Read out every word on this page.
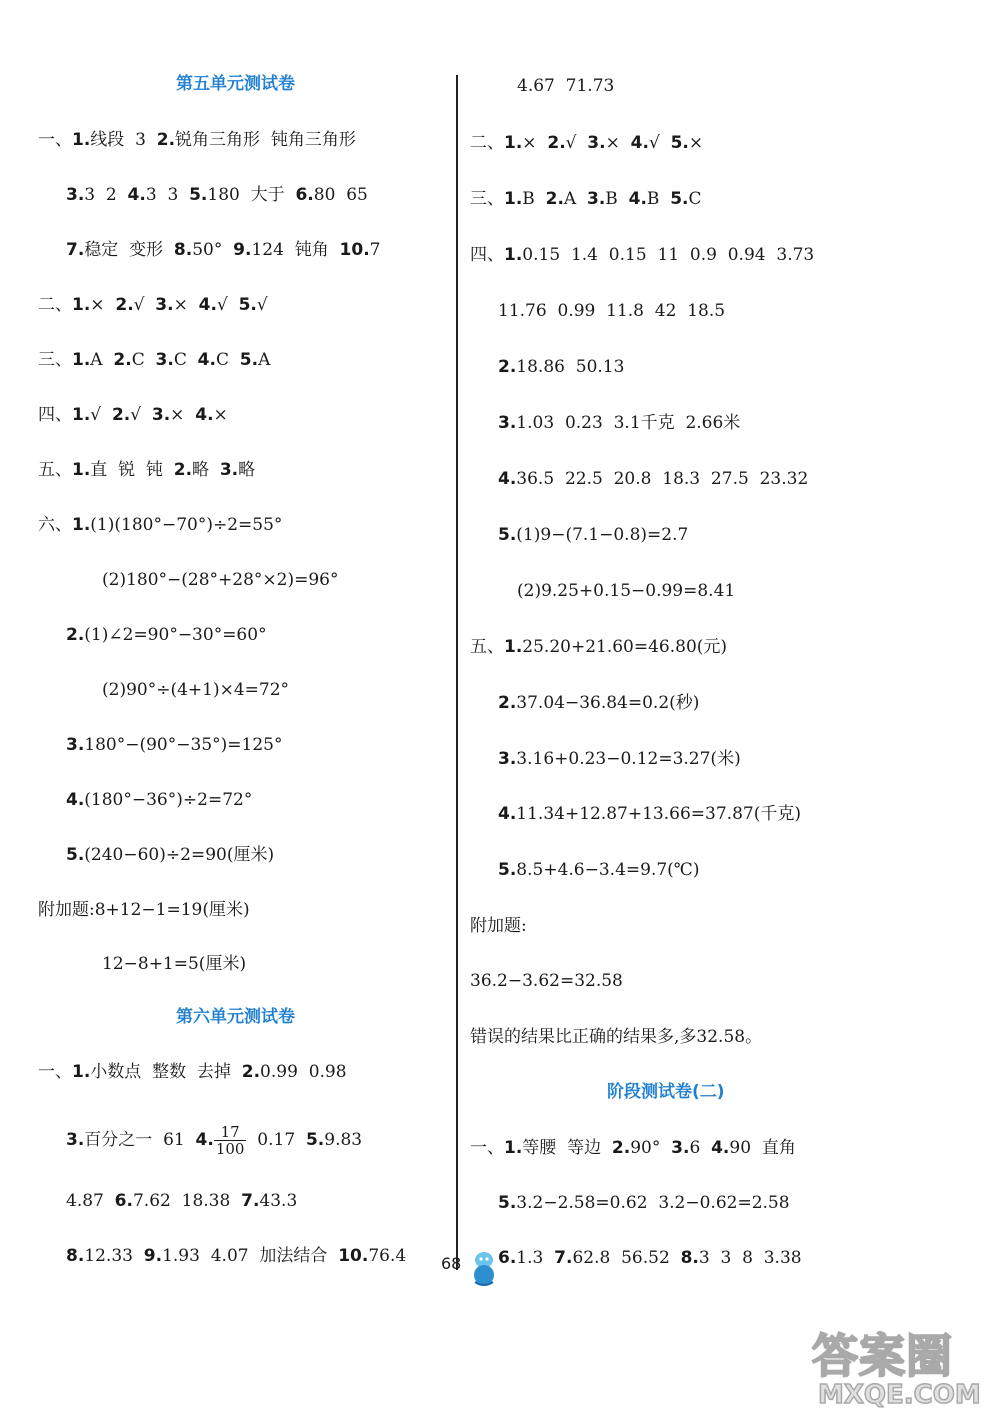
第五单元测试卷
一、1.线段  3  2.锐角三角形  钝角三角形
3.3  2  4.3  3  5.180  大于  6.80  65
7.稳定  变形  8.50°  9.124  钝角  10.7
二、1.×  2.√  3.×  4.√  5.√
三、1.A  2.C  3.C  4.C  5.A
四、1.√  2.√  3.×  4.×
五、1.直  锐  钝  2.略  3.略
六、1.(1)(180°−70°)÷2=55°
(2)180°−(28°+28°×2)=96°
2.(1)∠2=90°−30°=60°
(2)90°÷(4+1)×4=72°
3.180°−(90°−35°)=125°
4.(180°−36°)÷2=72°
5.(240−60)÷2=90(厘米)
附加题:8+12−1=19(厘米)
12−8+1=5(厘米)
第六单元测试卷
一、1.小数点  整数  去掉  2.0.99  0.98
3.百分之一  61  4. $\frac{17}{100} 0.17$  5.9.83
4.87  6.7.62  18.38  7.43.3
8.12.33  9.1.93  4.07  加法结合  10.76.4
4.67  71.73
二、1.×  2.√  3.×  4.√  5.×
三、1.B  2.A  3.B  4.B  5.C
四、1.0.15  1.4  0.15  11  0.9  0.94  3.73
11.76  0.99  11.8  42  18.5
2.18.86  50.13
3.1.03  0.23  3.1千克  2.66米
4.36.5  22.5  20.8  18.3  27.5  23.32
5.(1)9−(7.1−0.8)=2.7
(2)9.25+0.15−0.99=8.41
五、1.25.20+21.60=46.80(元)
2.37.04−36.84=0.2(秒)
3.3.16+0.23−0.12=3.27(米)
4.11.34+12.87+13.66=37.87(千克)
5.8.5+4.6−3.4=9.7(℃)
附加题:
36.2−3.62=32.58
错误的结果比正确的结果多,多32.58。
阶段测试卷(二)
一、1.等腰  等边  2.90°  3.6  4.90  直角
5.3.2−2.58=0.62  3.2−0.62=2.58
6.1.3  7.62.8  56.52  8.3  3  8  3.38
68
答案圈
MXQE.COM
